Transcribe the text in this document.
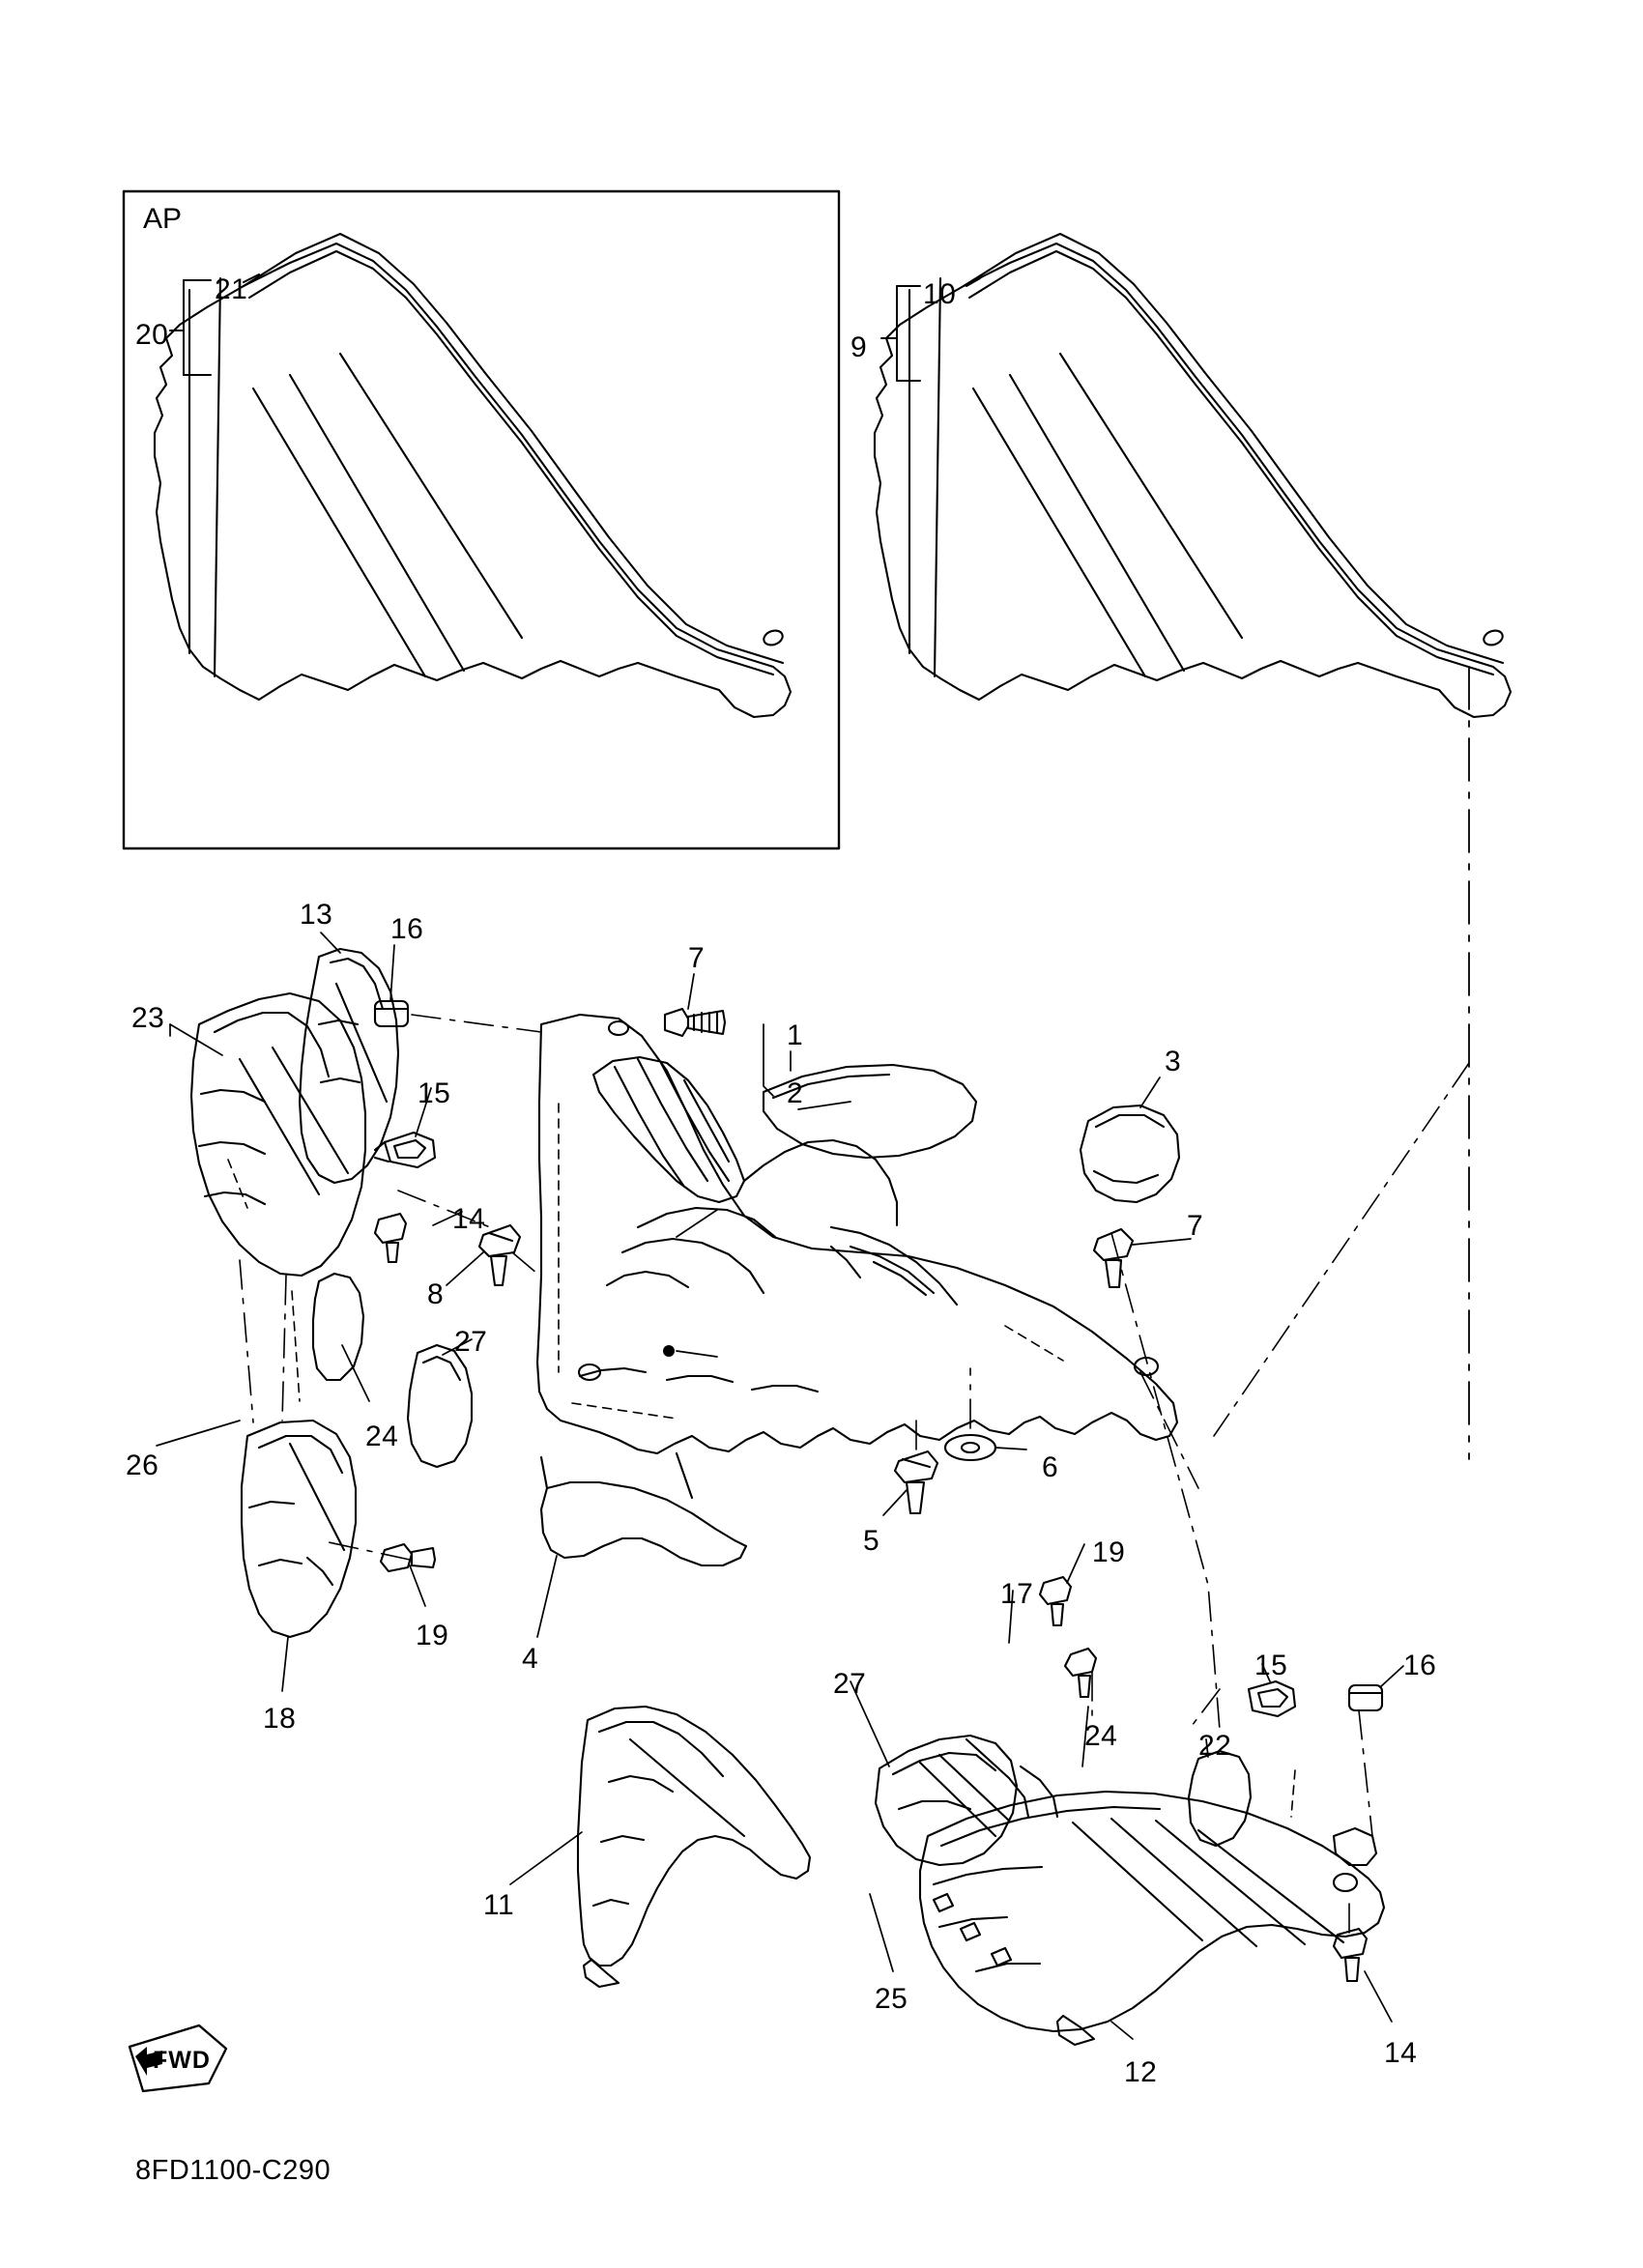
AP
FWD
8FD1100-C290
20
21
9
10
13 16
7
23
1
2
3
15
14	7
8
27
24
26	6
5
19
19
17
18
4	15	16
27
24	22
11
25
12
14
